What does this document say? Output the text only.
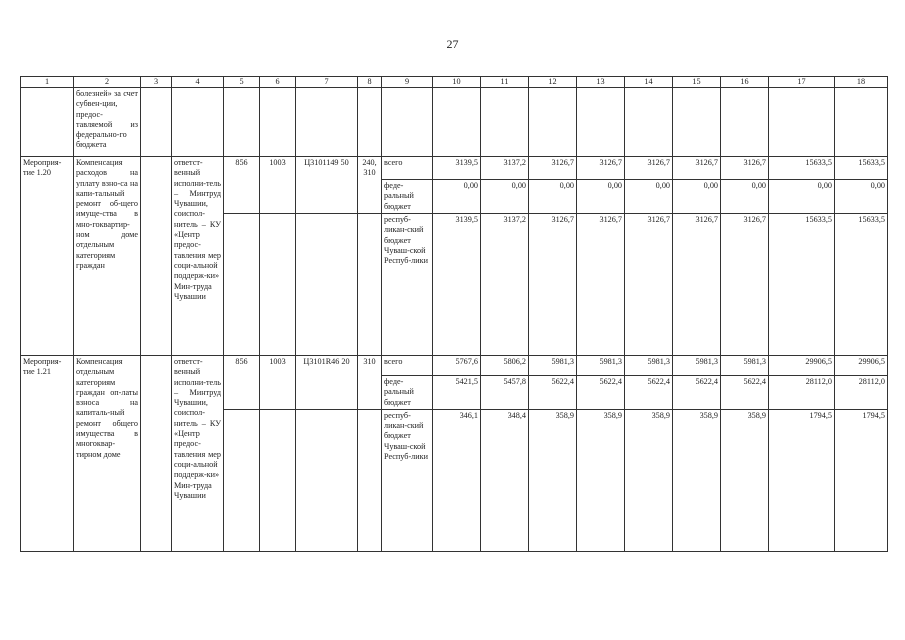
27
1	2	3	4	5	6	7	8	9	10	11	12	13	14	15	16	17	18
	болезней» за счет субвен-ции, предос-тавляемой из федерально-го бюджета																
Мероприя-тие 1.20	Компенсация расходов на уплату взно-са на капи-тальный ремонт об-щего имуще-ства в мно-гоквартир-ном доме отдельным категориям граждан		ответст-венный исполни-тель – Минтруд Чувашии, соиспол-нитель – КУ «Центр предос-тавления мер соци-альной поддерж-ки» Мин-труда Чувашии	856	1003	Ц3101149 50	240, 310	всего	3139,5	3137,2	3126,7	3126,7	3126,7	3126,7	3126,7	15633,5	15633,5
								феде-ральный бюджет	0,00	0,00	0,00	0,00	0,00	0,00	0,00	0,00	0,00
								респуб-ликан-ский бюджет Чуваш-ской Респуб-лики	3139,5	3137,2	3126,7	3126,7	3126,7	3126,7	3126,7	15633,5	15633,5
Мероприя-тие 1.21	Компенсация отдельным категориям граждан оп-латы взноса на капиталь-ный ремонт общего имущества в многоквар-тирном доме		ответст-венный исполни-тель – Минтруд Чувашии, соиспол-нитель – КУ «Центр предос-тавления мер соци-альной поддерж-ки» Мин-труда Чувашии	856	1003	Ц3101R46 20	310	всего	5767,6	5806,2	5981,3	5981,3	5981,3	5981,3	5981,3	29906,5	29906,5
								феде-ральный бюджет	5421,5	5457,8	5622,4	5622,4	5622,4	5622,4	5622,4	28112,0	28112,0
								респуб-ликан-ский бюджет Чуваш-ской Респуб-лики	346,1	348,4	358,9	358,9	358,9	358,9	358,9	1794,5	1794,5
